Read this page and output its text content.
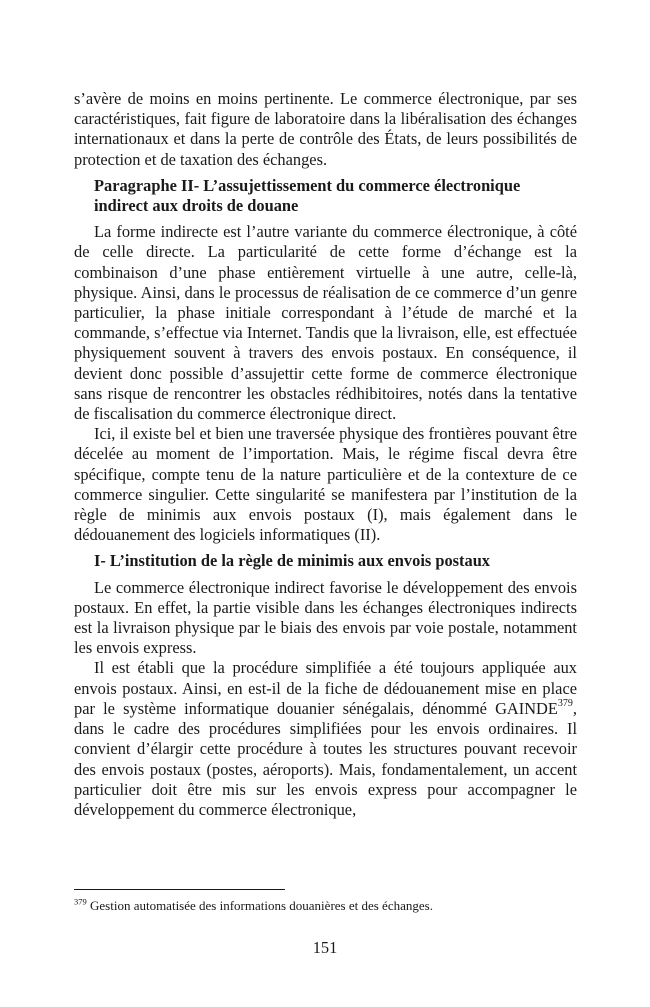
s’avère de moins en moins pertinente. Le commerce électronique, par ses caractéristiques, fait figure de laboratoire dans la libéralisation des échanges internationaux et dans la perte de contrôle des États, de leurs possibilités de protection et de taxation des échanges.

Paragraphe II- L’assujettissement du commerce électronique indirect aux droits de douane

La forme indirecte est l’autre variante du commerce électronique, à côté de celle directe. La particularité de cette forme d’échange est la combinaison d’une phase entièrement virtuelle à une autre, celle-là, physique. Ainsi, dans le processus de réalisation de ce commerce d’un genre particulier, la phase initiale correspondant à l’étude de marché et la commande, s’effectue via Internet. Tandis que la livraison, elle, est effectuée physiquement souvent à travers des envois postaux. En conséquence, il devient donc possible d’assujettir cette forme de commerce électronique sans risque de rencontrer les obstacles rédhibitoires, notés dans la tentative de fiscalisation du commerce électronique direct.

Ici, il existe bel et bien une traversée physique des frontières pouvant être décelée au moment de l’importation. Mais, le régime fiscal devra être spécifique, compte tenu de la nature particulière et de la contexture de ce commerce singulier. Cette singularité se manifestera par l’institution de la règle de minimis aux envois postaux (I), mais également dans le dédouanement des logiciels informatiques (II).

I- L’institution de la règle de minimis aux envois postaux

Le commerce électronique indirect favorise le développement des envois postaux. En effet, la partie visible dans les échanges électroniques indirects est la livraison physique par le biais des envois par voie postale, notamment les envois express.

Il est établi que la procédure simplifiée a été toujours appliquée aux envois postaux. Ainsi, en est-il de la fiche de dédouanement mise en place par le système informatique douanier sénégalais, dénommé GAINDE$^{379}$, dans le cadre des procédures simplifiées pour les envois ordinaires. Il convient d’élargir cette procédure à toutes les structures pouvant recevoir des envois postaux (postes, aéroports). Mais, fondamentalement, un accent particulier doit être mis sur les envois express pour accompagner le développement du commerce électronique,

$^{379}$ Gestion automatisée des informations douanières et des échanges.
151
